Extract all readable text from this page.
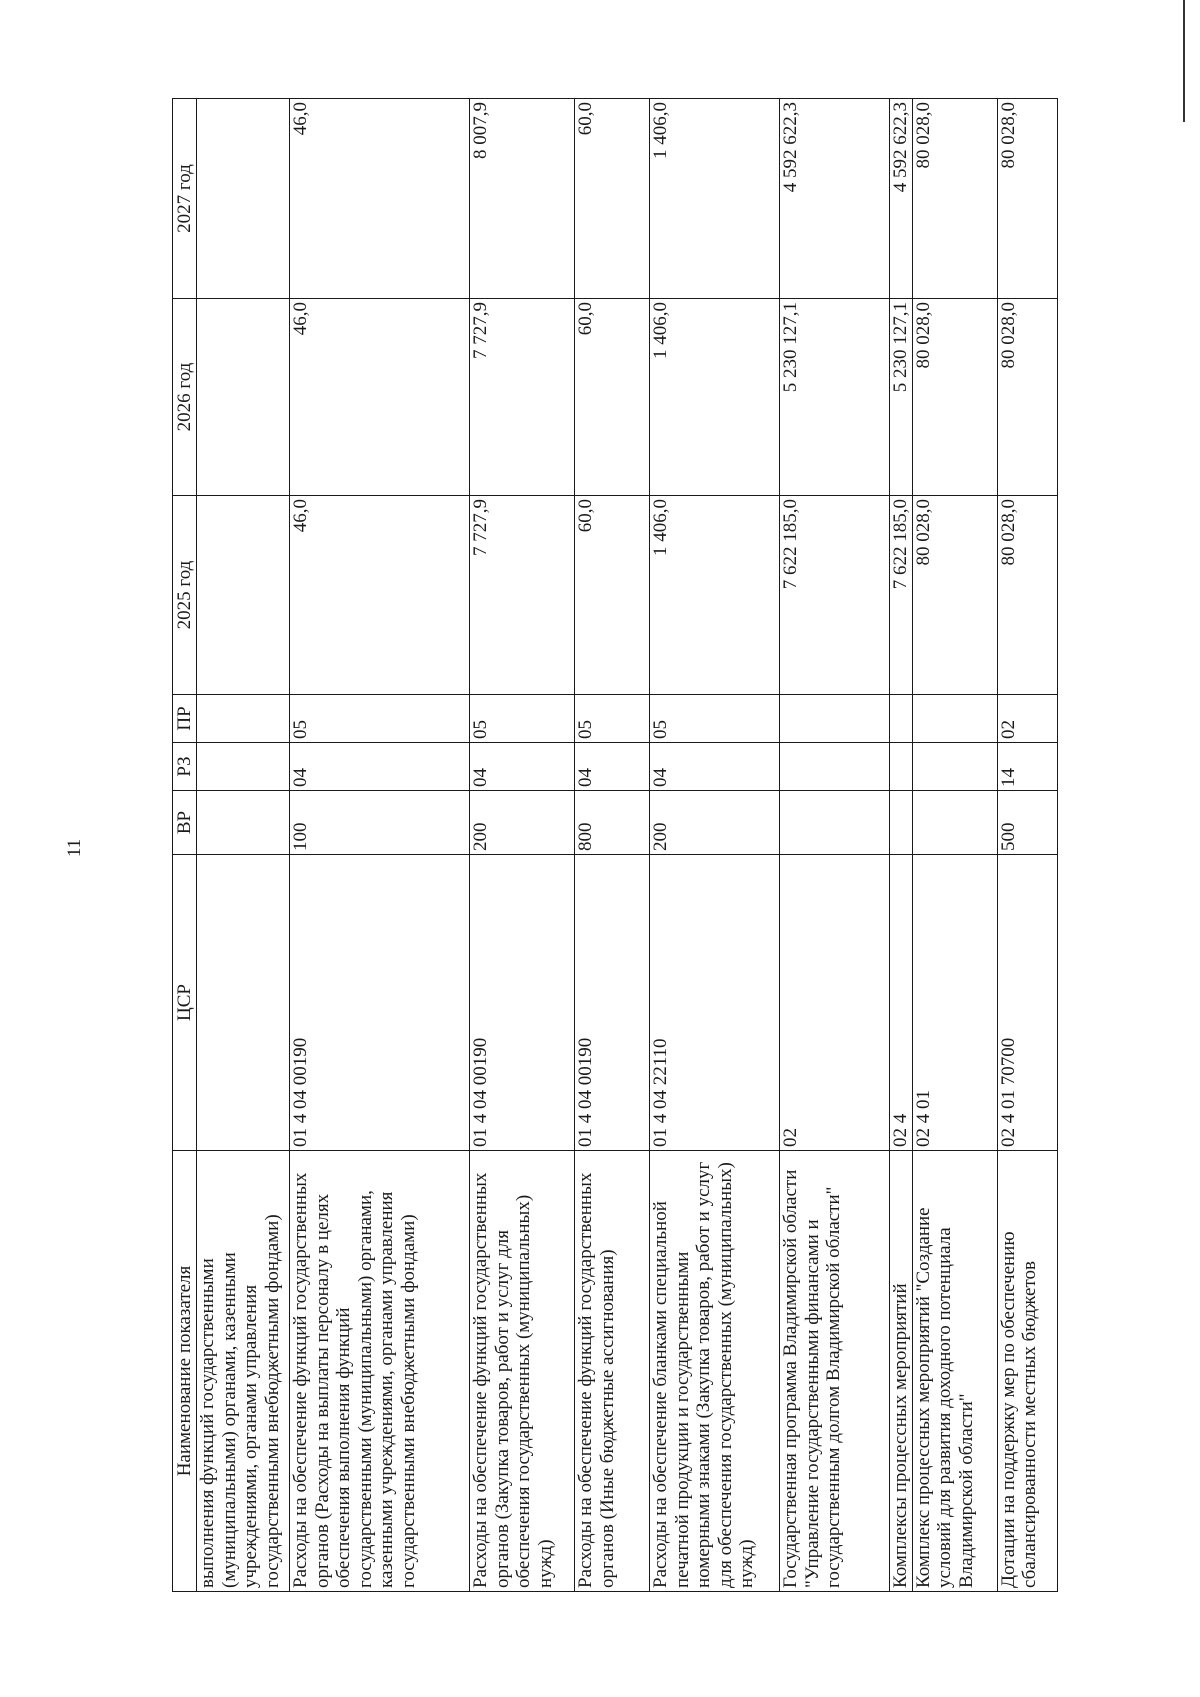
11
Наименование показателя	ЦСР	ВР	РЗ	ПР	2025 год	2026 год	2027 год
выполнения функций государственными (муниципальными) органами, казенными учреждениями, органами управления государственными внебюджетными фондами)							
Расходы на обеспечение функций государственных органов (Расходы на выплаты персоналу в целях обеспечения выполнения функций государственными (муниципальными) органами, казенными учреждениями, органами управления государственными внебюджетными фондами)	01 4 04 00190	100	04	05	46,0	46,0	46,0
Расходы на обеспечение функций государственных органов (Закупка товаров, работ и услуг для обеспечения государственных (муниципальных) нужд)	01 4 04 00190	200	04	05	7 727,9	7 727,9	8 007,9
Расходы на обеспечение функций государственных органов (Иные бюджетные ассигнования)	01 4 04 00190	800	04	05	60,0	60,0	60,0
Расходы на обеспечение бланками специальной печатной продукции и государственными номерными знаками (Закупка товаров, работ и услуг для обеспечения государственных (муниципальных) нужд)	01 4 04 22110	200	04	05	1 406,0	1 406,0	1 406,0
Государственная программа Владимирской области "Управление государственными финансами и государственным долгом Владимирской области"	02				7 622 185,0	5 230 127,1	4 592 622,3
Комплексы процессных мероприятий	02 4				7 622 185,0	5 230 127,1	4 592 622,3
Комплекс процессных мероприятий "Создание условий для развития доходного потенциала Владимирской области"	02 4 01				80 028,0	80 028,0	80 028,0
Дотации на поддержку мер по обеспечению сбалансированности местных бюджетов	02 4 01 70700	500	14	02	80 028,0	80 028,0	80 028,0
